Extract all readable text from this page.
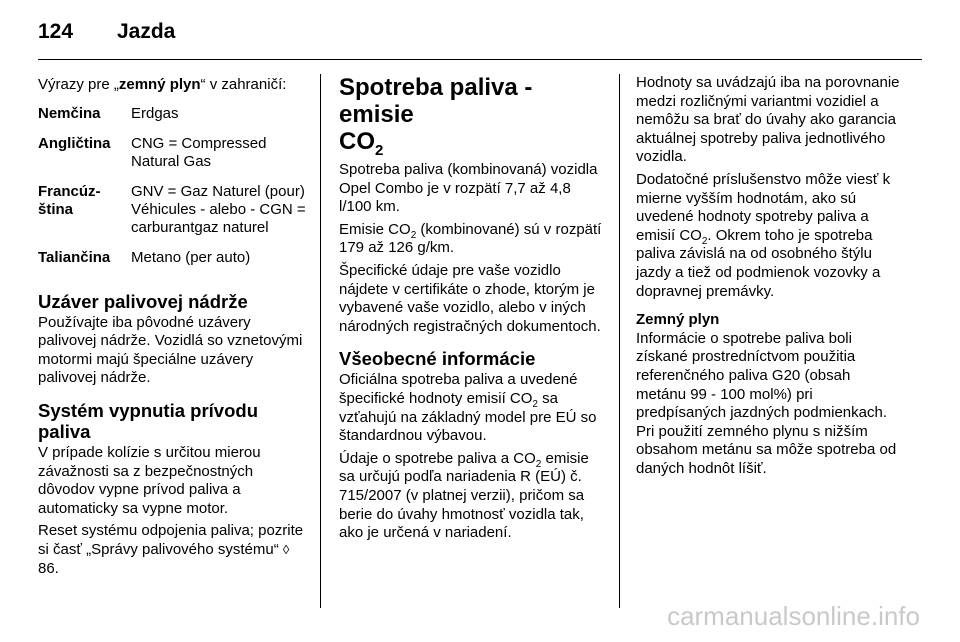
124 Jazda

Výrazy pre „zemný plyn“ v zahraničí:

Nemčina	Erdgas
Angličtina	CNG = Compressed Natural Gas
Francúz-ština	GNV = Gaz Naturel (pour) Véhicules - alebo - CGN = carburantgaz naturel
Taliančina	Metano (per auto)
Uzáver palivovej nádrže

Používajte iba pôvodné uzávery palivovej nádrže. Vozidlá so vznetovými motormi majú špeciálne uzávery palivovej nádrže.

Systém vypnutia prívodu paliva

V prípade kolízie s určitou mierou závažnosti sa z bezpečnostných dôvodov vypne prívod paliva a automaticky sa vypne motor.

Reset systému odpojenia paliva; pozrite si časť „Správy palivového systému“ ◊ 86.

Spotreba paliva - emisie
$CO_2$

Spotreba paliva (kombinovaná) vozidla Opel Combo je v rozpätí 7,7 až 4,8 l/100 km.

Emisie $CO_2$ (kombinované) sú v rozpätí 179 až 126 g/km.

Špecifické údaje pre vaše vozidlo nájdete v certifikáte o zhode, ktorým je vybavené vaše vozidlo, alebo v iných národných registračných dokumentoch.

Všeobecné informácie

Oficiálna spotreba paliva a uvedené špecifické hodnoty emisií $CO_2$ sa vzťahujú na základný model pre EÚ so štandardnou výbavou.

Údaje o spotrebe paliva a $CO_2$ emisie sa určujú podľa nariadenia R (EÚ) č. 715/2007 (v platnej verzii), pričom sa berie do úvahy hmotnosť vozidla tak, ako je určená v nariadení.

Hodnoty sa uvádzajú iba na porovnanie medzi rozličnými variantmi vozidiel a nemôžu sa brať do úvahy ako garancia aktuálnej spotreby paliva jednotlivého vozidla.

Dodatočné príslušenstvo môže viesť k mierne vyšším hodnotám, ako sú uvedené hodnoty spotreby paliva a emisií $CO_2$. Okrem toho je spotreba paliva závislá na od osobného štýlu jazdy a tiež od podmienok vozovky a dopravnej premávky.

Zemný plyn

Informácie o spotrebe paliva boli získané prostredníctvom použitia referenčného paliva G20 (obsah metánu 99 - 100 mol%) pri predpísaných jazdných podmienkach. Pri použití zemného plynu s nižším obsahom metánu sa môže spotreba od daných hodnôt líšiť.

carmanualsonline.info
